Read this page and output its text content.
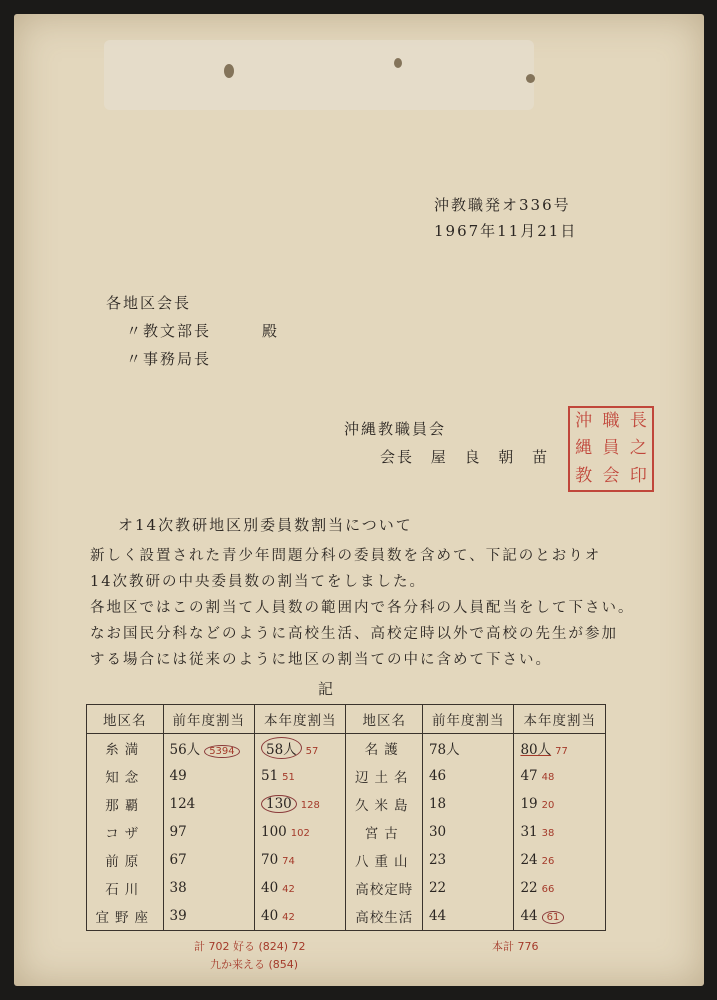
沖教職発オ336号
1967年11月21日
各地区会長
〃教文部長	殿
〃事務局長
沖縄教職員会
会長 屋 良 朝 苗
沖 職 長
縄 員 之
教 会 印
オ14次教研地区別委員数割当について
新しく設置された青少年問題分科の委員数を含めて、下記のとおりオ
14次教研の中央委員数の割当てをしました。
各地区ではこの割当て人員数の範囲内で各分科の人員配当をして下さい。
なお国民分科などのように高校生活、高校定時以外で高校の先生が参加
する場合には従来のように地区の割当ての中に含めて下さい。
記
地区名	前年度割当	本年度割当	地区名	前年度割当	本年度割当
糸満	56人 5394	58人 57	名護	78人	80人 77
知念	49	51 51	辺土名	46	47 48
那覇	124	130 128	久米島	18	19 20
コザ	97	100 102	宮古	30	31 38
前原	67	70 74	八重山	23	24 26
石川	38	40 42	高校定時	22	22 66
宜野座	39	40 42	高校生活	44	44 61
計 702 好る (824) 72
九か来える (854)
本計 776
